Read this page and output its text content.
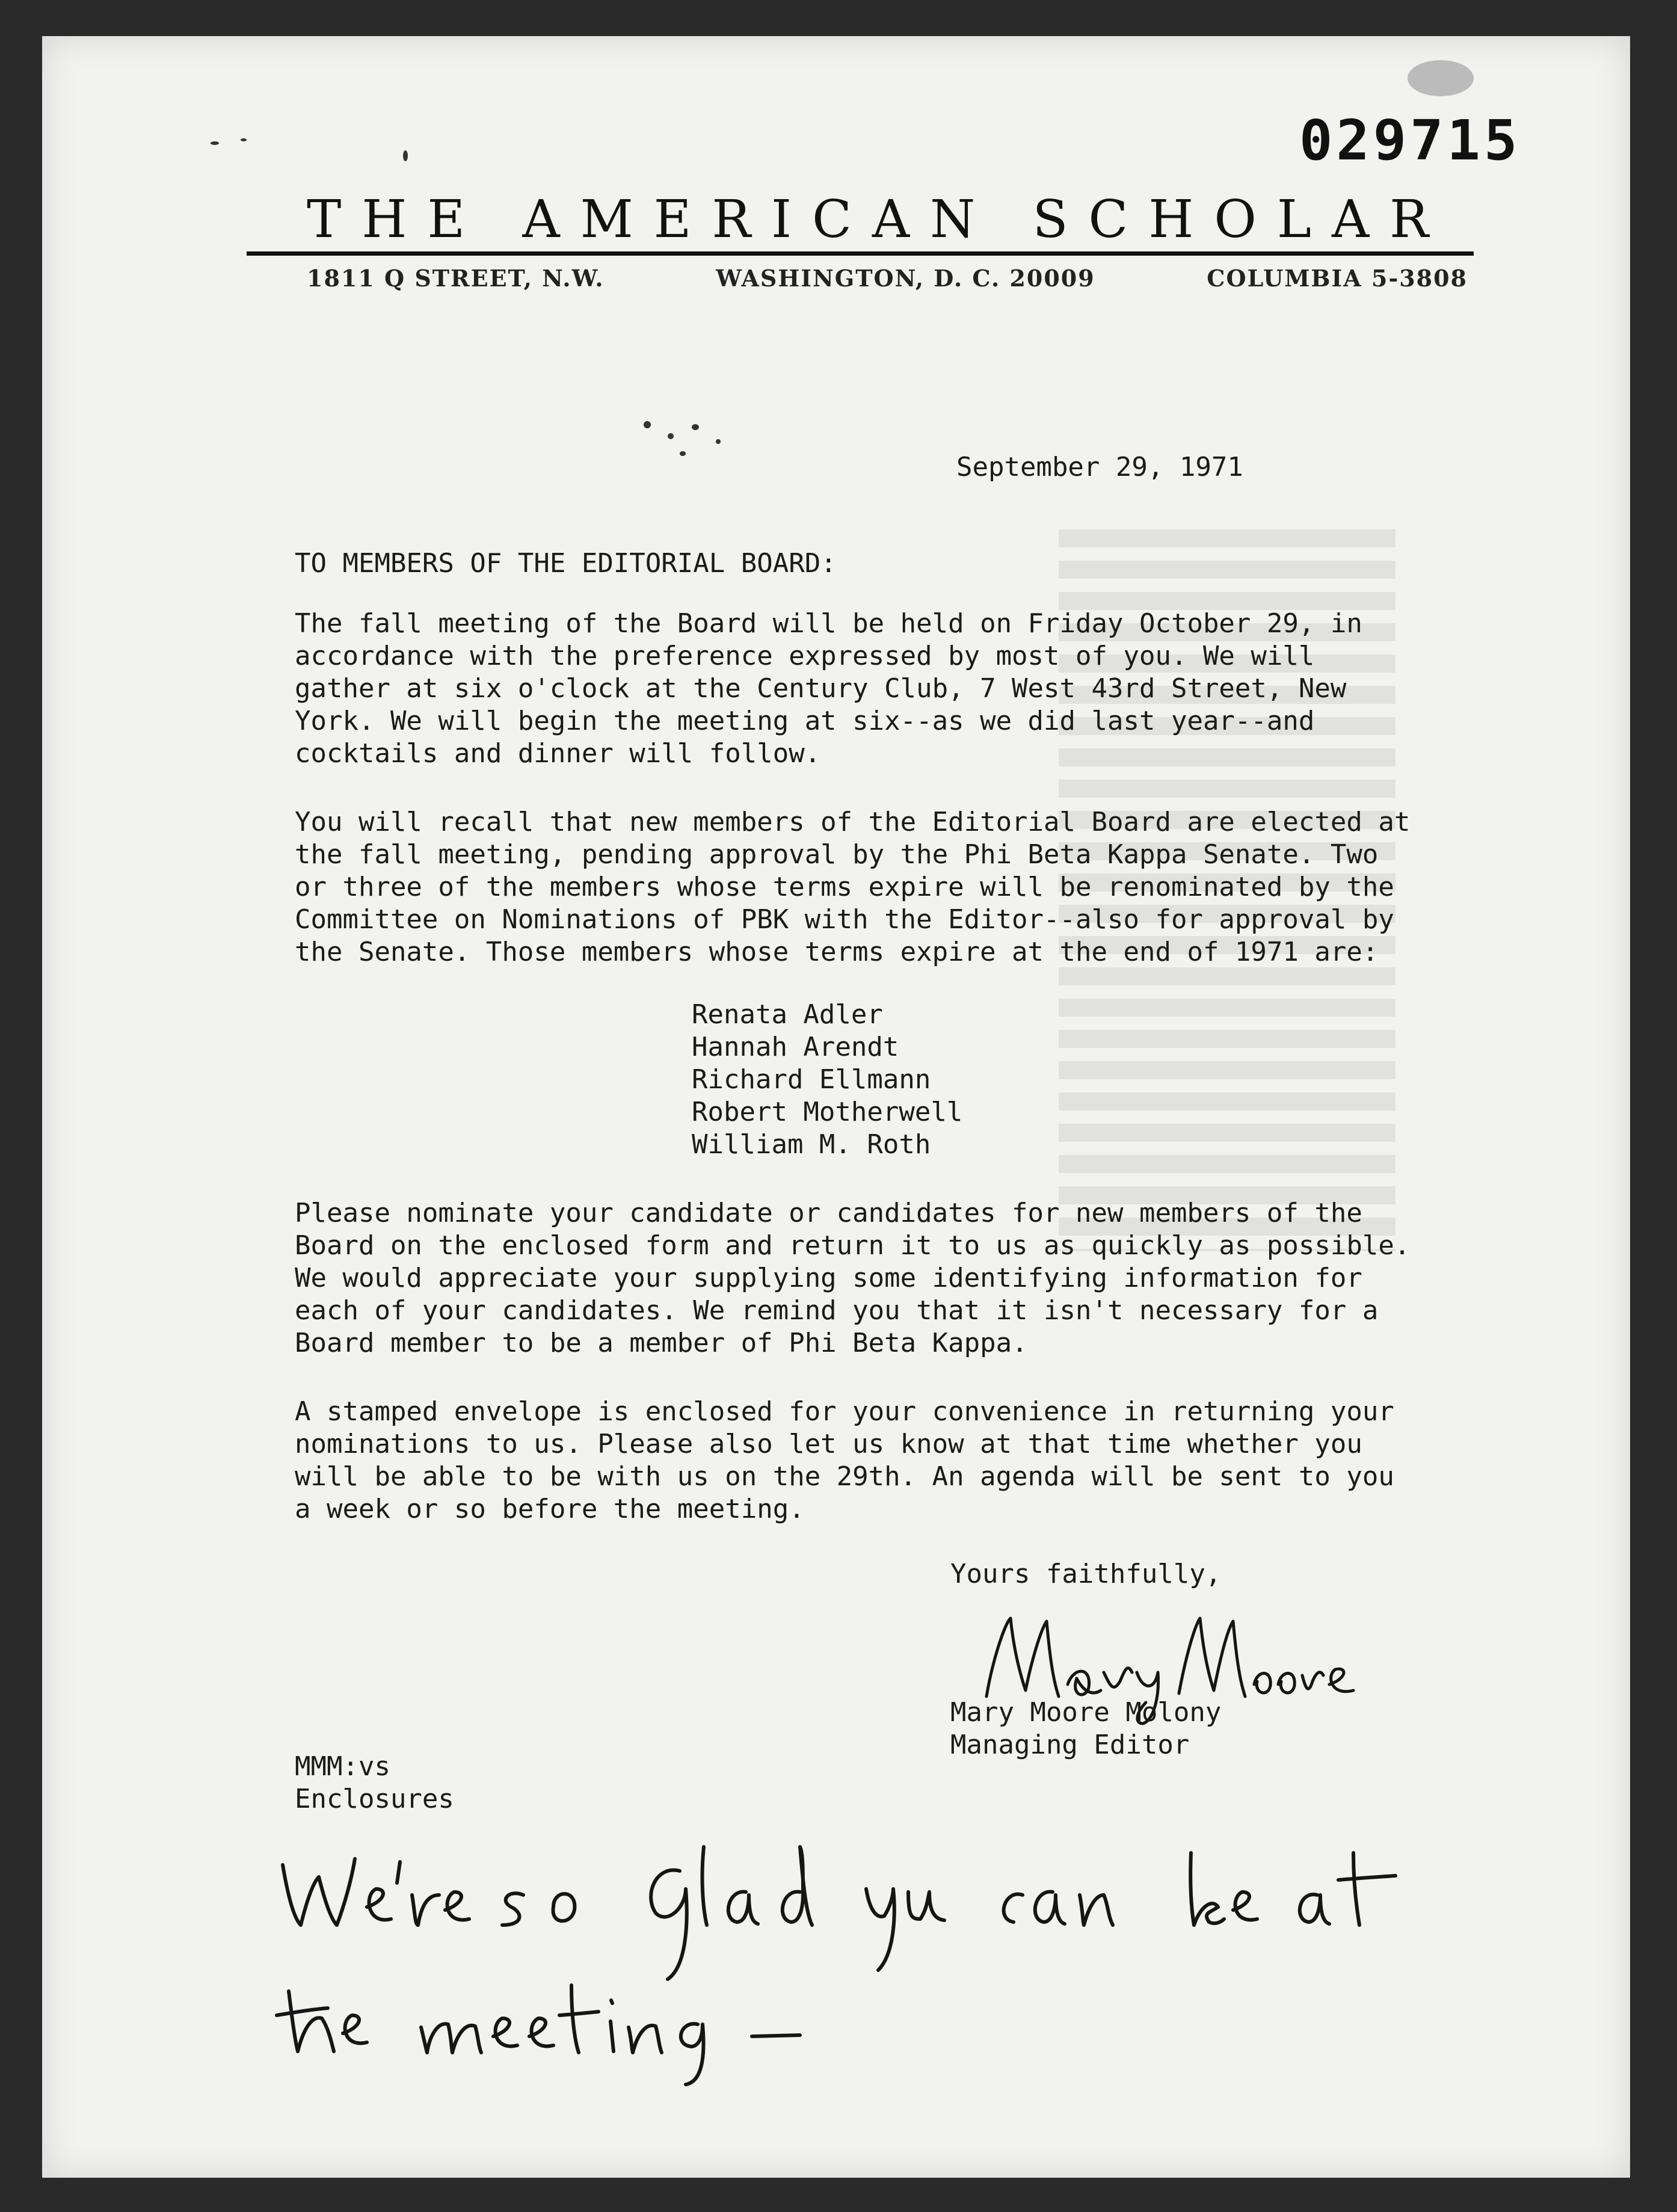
029715
THE AMERICAN SCHOLAR
1811 Q STREET, N.W.	WASHINGTON, D. C. 20009	COLUMBIA 5-3808
September 29, 1971
TO MEMBERS OF THE EDITORIAL BOARD:

The fall meeting of the Board will be held on Friday October 29, in accordance with the preference expressed by most of you. We will gather at six o'clock at the Century Club, 7 West 43rd Street, New York. We will begin the meeting at six--as we did last year--and cocktails and dinner will follow.

You will recall that new members of the Editorial Board are elected at the fall meeting, pending approval by the Phi Beta Kappa Senate. Two or three of the members whose terms expire will be renominated by the Committee on Nominations of PBK with the Editor--also for approval by the Senate. Those members whose terms expire at the end of 1971 are:

Renata Adler
Hannah Arendt
Richard Ellmann
Robert Motherwell
William M. Roth

Please nominate your candidate or candidates for new members of the Board on the enclosed form and return it to us as quickly as possible. We would appreciate your supplying some identifying information for each of your candidates. We remind you that it isn't necessary for a Board member to be a member of Phi Beta Kappa.

A stamped envelope is enclosed for your convenience in returning your nominations to us. Please also let us know at that time whether you will be able to be with us on the 29th. An agenda will be sent to you a week or so before the meeting.

Yours faithfully,
Mary Moore Molony
Managing Editor
MMM:vs
Enclosures
